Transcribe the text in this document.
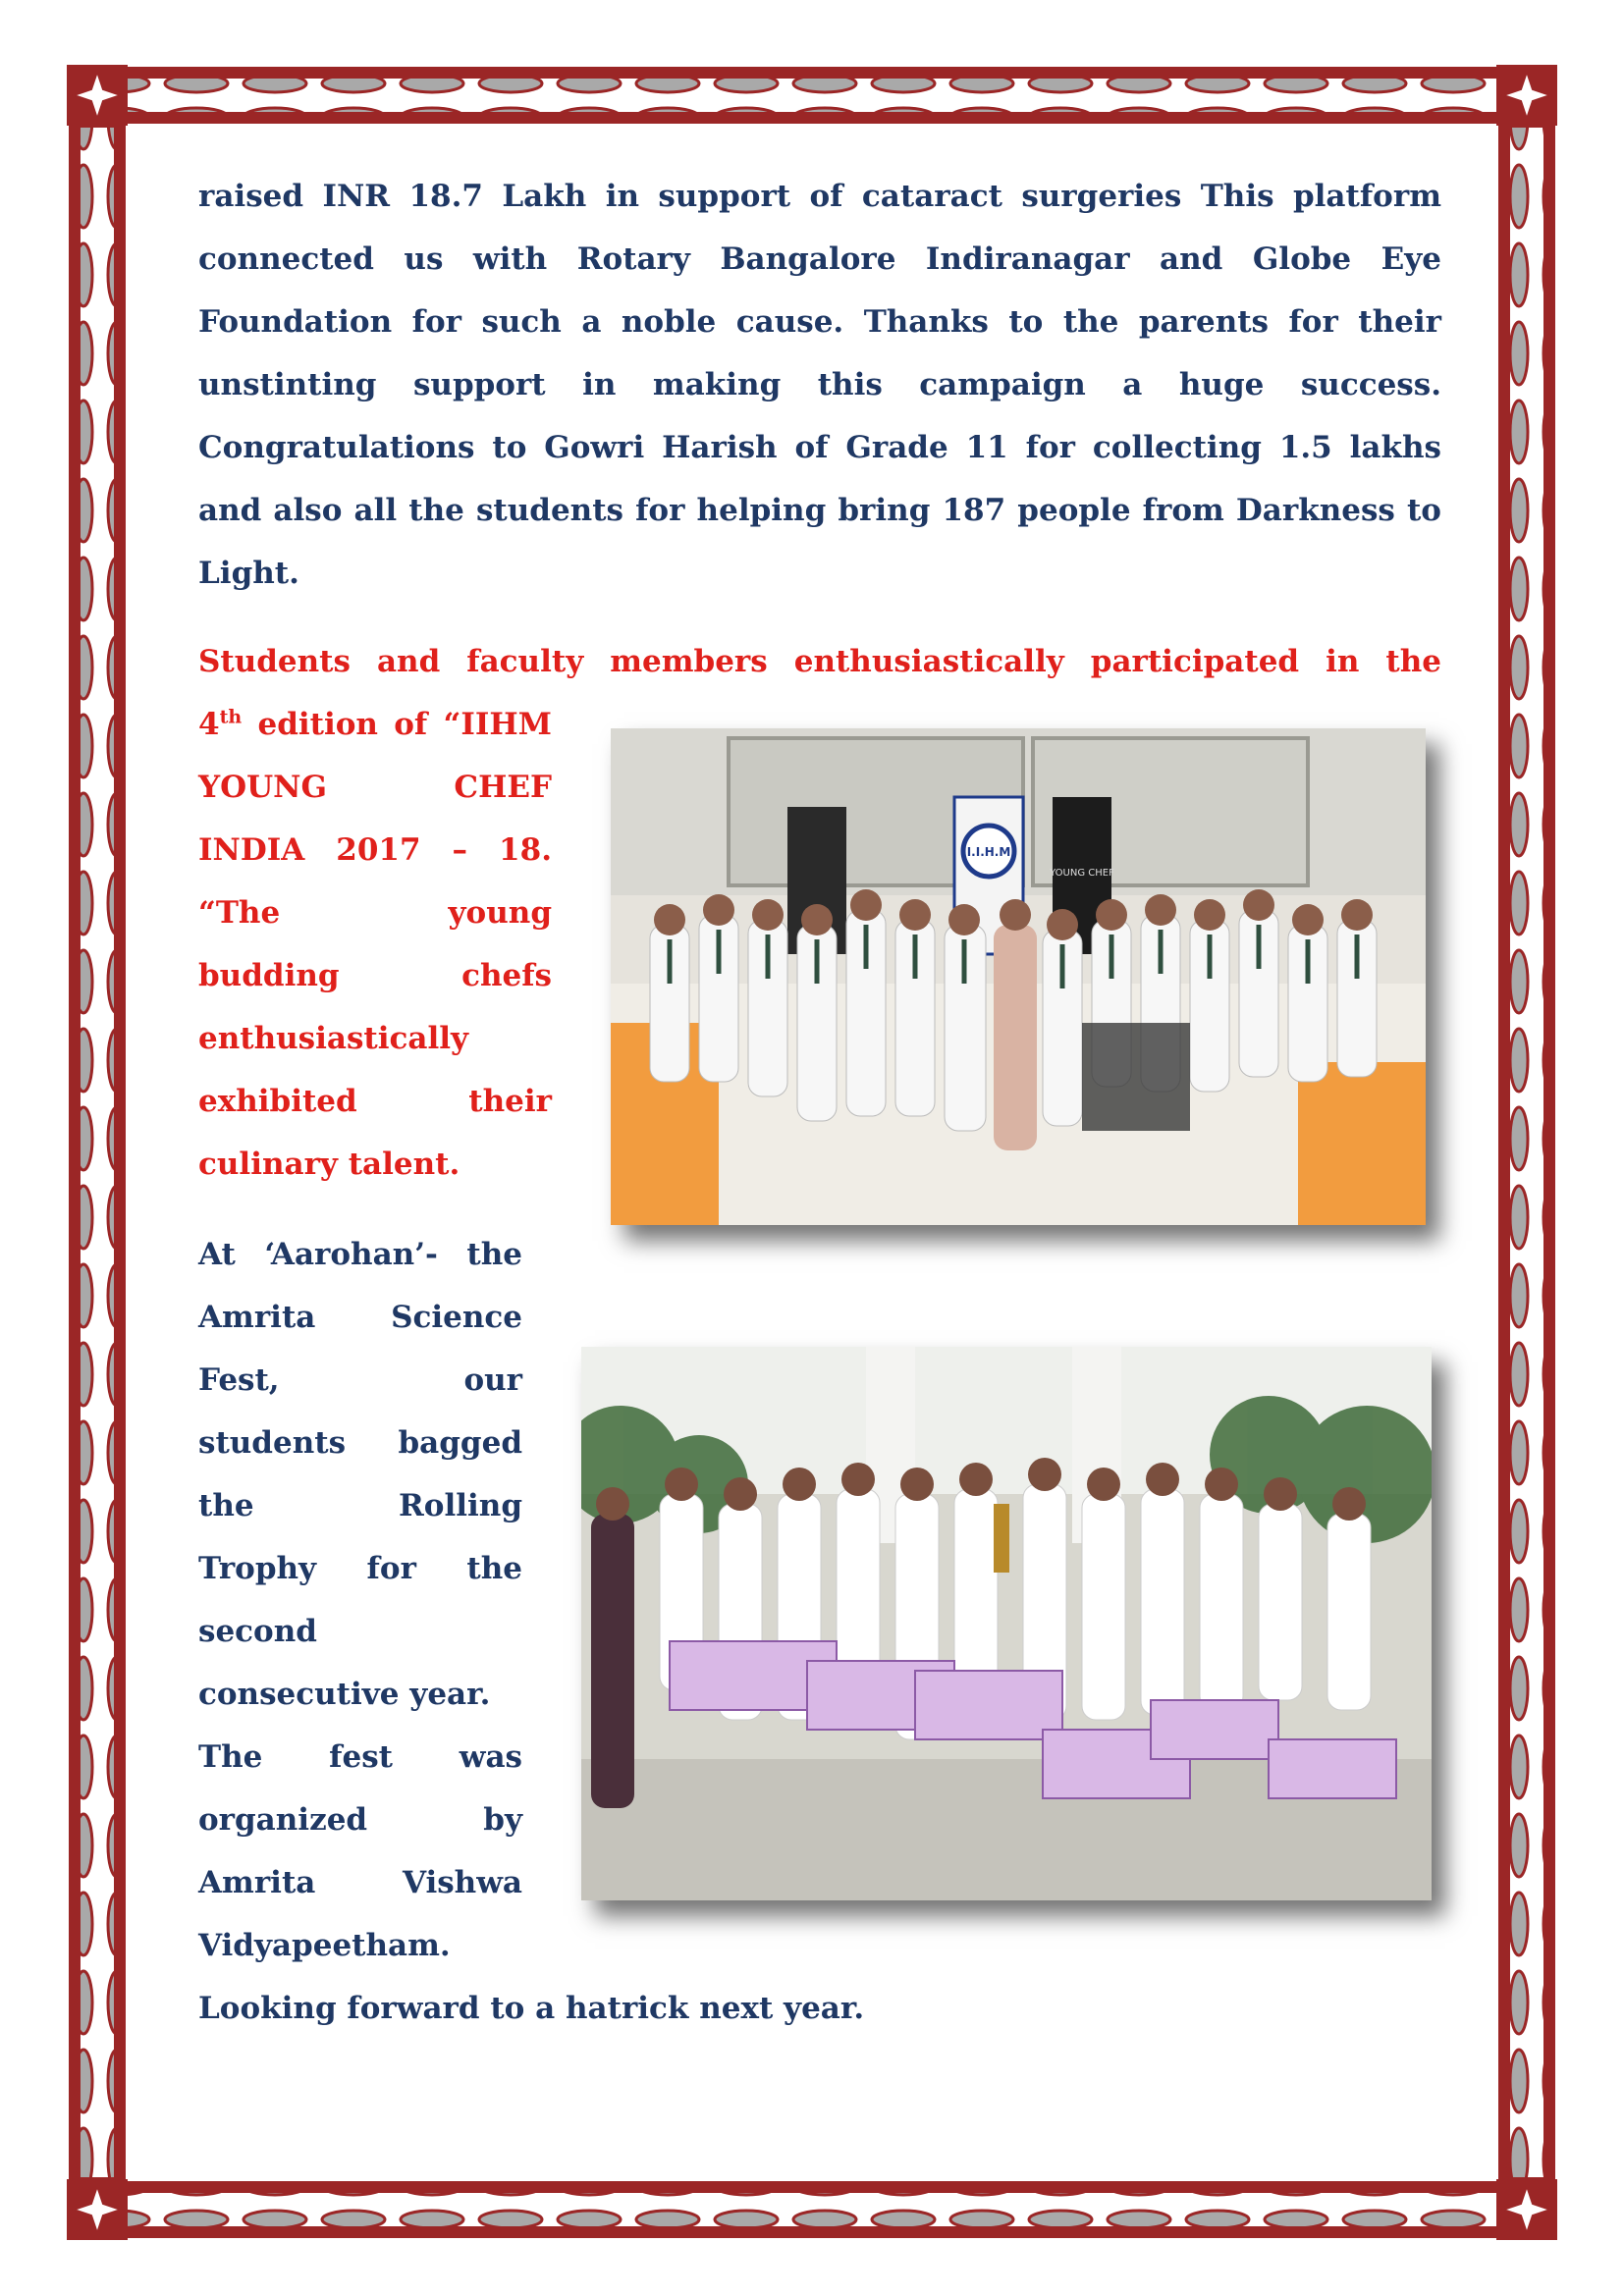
raised INR 18.7 Lakh in support of cataract surgeries This platform connected us with Rotary Bangalore Indiranagar and Globe Eye Foundation for such a noble cause. Thanks to the parents for their unstinting support in making this campaign a huge success. Congratulations to Gowri Harish of Grade 11 for collecting 1.5 lakhs and also all the students for helping bring 187 people from Darkness to Light.

Students and faculty members enthusiastically participated in the

4th edition of “IIHM
YOUNG CHEF
INDIA 2017 – 18.
“The young
budding chefs
enthusiastically
exhibited their
culinary talent.
I.I.H.M
YOUNG CHEF
At ‘Aarohan’- the
Amrita Science
Fest, our
students bagged
the Rolling
Trophy for the
second
consecutive year.
The fest was
organized by
Amrita Vishwa
Vidyapeetham.

Looking forward to a hatrick next year.
